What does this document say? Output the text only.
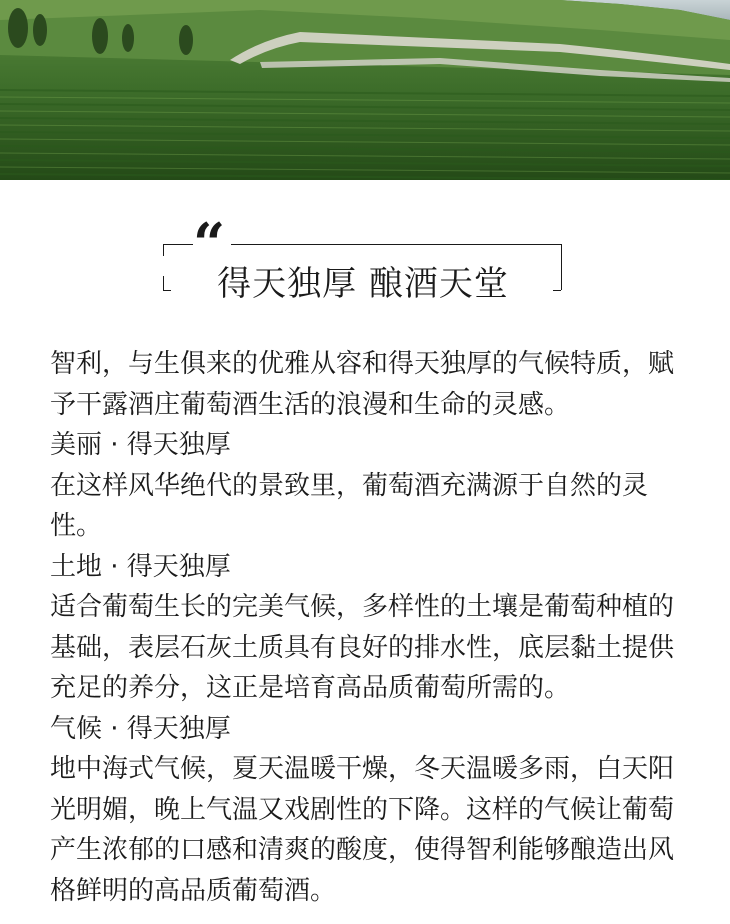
“
得天独厚 酿酒天堂

智利，与生俱来的优雅从容和得天独厚的气候特质，赋予干露酒庄葡萄酒生活的浪漫和生命的灵感。

美丽 · 得天独厚

在这样风华绝代的景致里，葡萄酒充满源于自然的灵性。

土地 · 得天独厚

适合葡萄生长的完美气候，多样性的土壤是葡萄种植的基础，表层石灰土质具有良好的排水性，底层黏土提供充足的养分，这正是培育高品质葡萄所需的。

气候 · 得天独厚

地中海式气候，夏天温暖干燥，冬天温暖多雨，白天阳光明媚，晚上气温又戏剧性的下降。这样的气候让葡萄产生浓郁的口感和清爽的酸度，使得智利能够酿造出风格鲜明的高品质葡萄酒。
